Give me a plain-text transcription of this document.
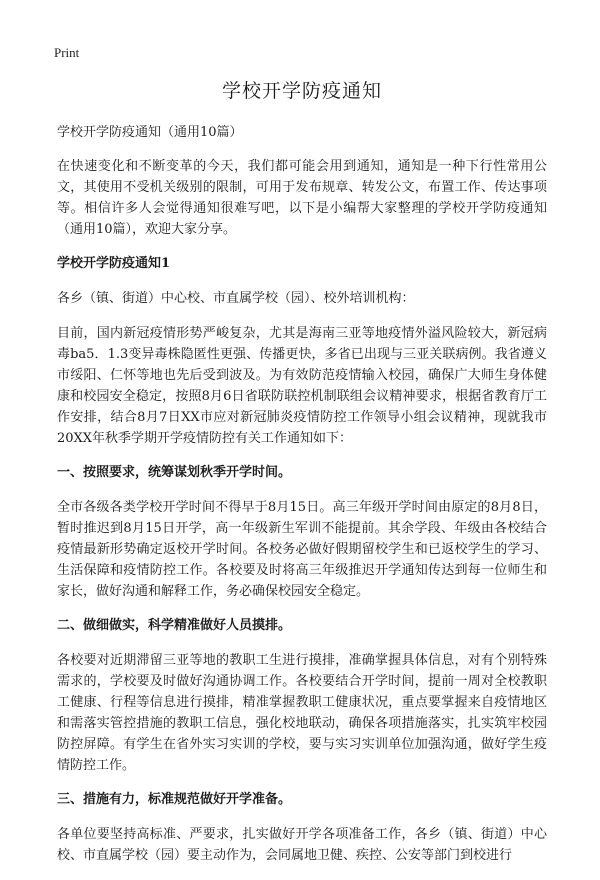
Print
学校开学防疫通知
学校开学防疫通知（通用10篇）

在快速变化和不断变革的今天，我们都可能会用到通知，通知是一种下行性常用公文，其使用不受机关级别的限制，可用于发布规章、转发公文，布置工作、传达事项等。相信许多人会觉得通知很难写吧，以下是小编帮大家整理的学校开学防疫通知（通用10篇），欢迎大家分享。

学校开学防疫通知1

各乡（镇、街道）中心校、市直属学校（园）、校外培训机构：

目前，国内新冠疫情形势严峻复杂，尤其是海南三亚等地疫情外溢风险较大，新冠病毒ba5．1.3变异毒株隐匿性更强、传播更快，多省已出现与三亚关联病例。我省遵义市绥阳、仁怀等地也先后受到波及。为有效防范疫情输入校园，确保广大师生身体健康和校园安全稳定，按照8月6日省联防联控机制联组会议精神要求，根据省教育厅工作安排，结合8月7日XX市应对新冠肺炎疫情防控工作领导小组会议精神，现就我市20XX年秋季学期开学疫情防控有关工作通知如下：

一、按照要求，统筹谋划秋季开学时间。

全市各级各类学校开学时间不得早于8月15日。高三年级开学时间由原定的8月8日，暂时推迟到8月15日开学，高一年级新生军训不能提前。其余学段、年级由各校结合疫情最新形势确定返校开学时间。各校务必做好假期留校学生和已返校学生的学习、生活保障和疫情防控工作。各校要及时将高三年级推迟开学通知传达到每一位师生和家长，做好沟通和解释工作，务必确保校园安全稳定。

二、做细做实，科学精准做好人员摸排。

各校要对近期滞留三亚等地的教职工生进行摸排，准确掌握具体信息，对有个别特殊需求的，学校要及时做好沟通协调工作。各校要结合开学时间，提前一周对全校教职工健康、行程等信息进行摸排，精准掌握教职工健康状况，重点要掌握来自疫情地区和需落实管控措施的教职工信息，强化校地联动，确保各项措施落实，扎实筑牢校园防控屏障。有学生在省外实习实训的学校，要与实习实训单位加强沟通，做好学生疫情防控工作。

三、措施有力，标准规范做好开学准备。

各单位要坚持高标准、严要求，扎实做好开学各项准备工作，各乡（镇、街道）中心校、市直属学校（园）要主动作为，会同属地卫健、疾控、公安等部门到校进行
